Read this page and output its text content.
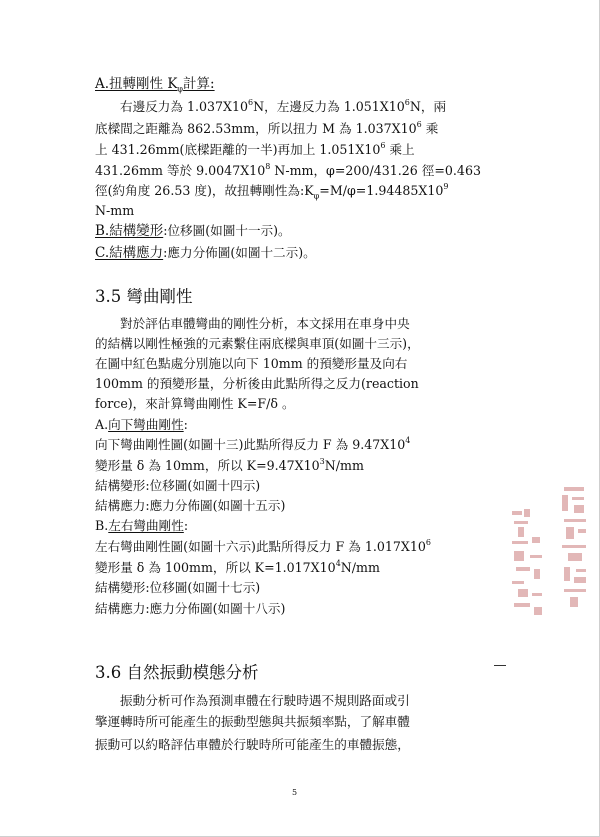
A.扭轉剛性 $K_\varphi$計算:
右邊反力為 $1.037X10^6N$，左邊反力為 $1.051X10^6N$，兩
底樑間之距離為 862.53mm，所以扭力 M 為 $1.037X10^6$ 乘
上 431.26mm(底樑距離的一半)再加上 $1.051X10^6$ 乘上
431.26mm 等於 $9.0047X10^8$ N-mm，φ=200/431.26 徑=0.463
徑(約角度 26.53 度)，故扭轉剛性為$:K_\varphi=M/\varphi=1.94485X10^9$
N-mm
B.結構變形:位移圖(如圖十一示)。
C.結構應力:應力分佈圖(如圖十二示)。
3.5 彎曲剛性
對於評估車體彎曲的剛性分析，本文採用在車身中央
的結構以剛性極強的元素繫住兩底樑與車頂(如圖十三示)，
在圖中紅色點處分別施以向下 10mm 的預變形量及向右
100mm 的預變形量，分析後由此點所得之反力(reaction
force)，來計算彎曲剛性 K=F/δ 。
A.向下彎曲剛性:
向下彎曲剛性圖(如圖十三)此點所得反力 F 為 $9.47X10^4$
變形量 δ 為 10mm，所以 $K=9.47X10^3N/mm$
結構變形:位移圖(如圖十四示)
結構應力:應力分佈圖(如圖十五示)
B.左右彎曲剛性:
左右彎曲剛性圖(如圖十六示)此點所得反力 F 為 $1.017X10^6$
變形量 δ 為 100mm，所以 $K=1.017X10^4N/mm$
結構變形:位移圖(如圖十七示)
結構應力:應力分佈圖(如圖十八示)
3.6 自然振動模態分析
振動分析可作為預測車體在行駛時遇不規則路面或引
擎運轉時所可能產生的振動型態與共振頻率點，了解車體
振動可以約略評估車體於行駛時所可能產生的車體振態，
5
